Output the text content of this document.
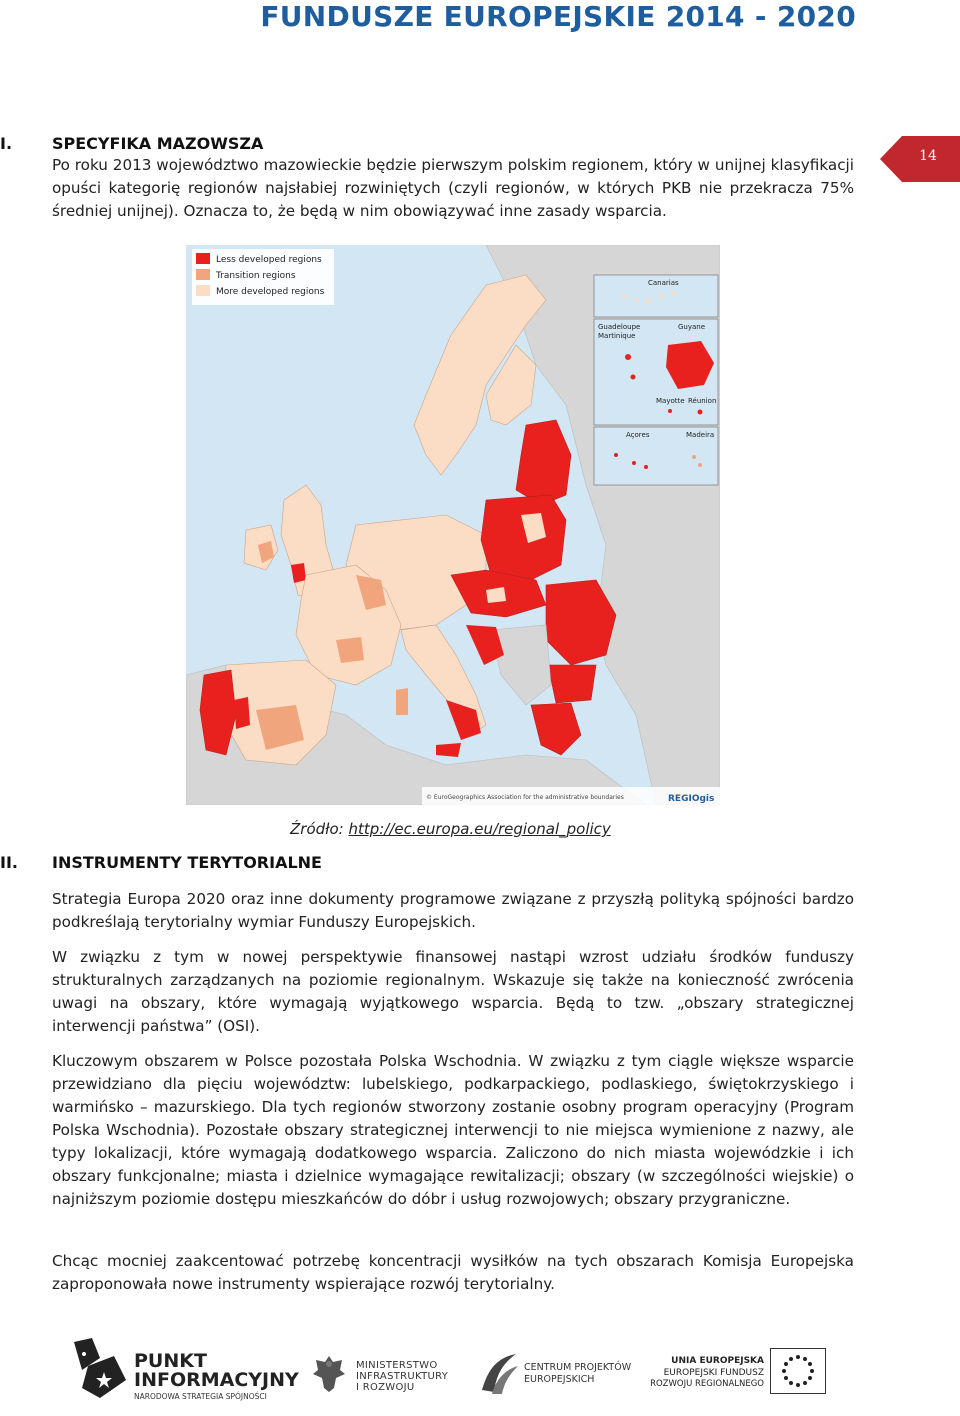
FUNDUSZE EUROPEJSKIE 2014 - 2020
14
I. SPECYFIKA MAZOWSZA
Po roku 2013 województwo mazowieckie będzie pierwszym polskim regionem, który w unijnej klasyfikacji opuści kategorię regionów najsłabiej rozwiniętych (czyli regionów, w których PKB nie przekracza 75% średniej unijnej). Oznacza to, że będą w nim obowiązywać inne zasady wsparcia.
Less developed regions
Transition regions
More developed regions
Canarias
Guadeloupe
Martinique
Guyane
Mayotte Réunion
Açores	Madeira
© EuroGeographics Association for the administrative boundaries	REGIOgis
Źródło: http://ec.europa.eu/regional_policy
II. INSTRUMENTY TERYTORIALNE
Strategia Europa 2020 oraz inne dokumenty programowe związane z przyszłą polityką spójności bardzo podkreślają terytorialny wymiar Funduszy Europejskich.
W związku z tym w nowej perspektywie finansowej nastąpi wzrost udziału środków funduszy strukturalnych zarządzanych na poziomie regionalnym. Wskazuje się także na konieczność zwrócenia uwagi na obszary, które wymagają wyjątkowego wsparcia. Będą to tzw. „obszary strategicznej interwencji państwa” (OSI).
Kluczowym obszarem w Polsce pozostała Polska Wschodnia. W związku z tym ciągle większe wsparcie przewidziano dla pięciu województw: lubelskiego, podkarpackiego, podlaskiego, świętokrzyskiego i warmińsko – mazurskiego. Dla tych regionów stworzony zostanie osobny program operacyjny (Program Polska Wschodnia). Pozostałe obszary strategicznej interwencji to nie miejsca wymienione z nazwy, ale typy lokalizacji, które wymagają dodatkowego wsparcia. Zaliczono do nich miasta wojewódzkie i ich obszary funkcjonalne; miasta i dzielnice wymagające rewitalizacji; obszary (w szczególności wiejskie) o najniższym poziomie dostępu mieszkańców do dóbr i usług rozwojowych; obszary przygraniczne.
Chcąc mocniej zaakcentować potrzebę koncentracji wysiłków na tych obszarach Komisja Europejska zaproponowała nowe instrumenty wspierające rozwój terytorialny.
PUNKT
INFORMACYJNY
NARODOWA STRATEGIA SPÓJNOŚCI
MINISTERSTWO
INFRASTRUKTURY
I ROZWOJU
CENTRUM PROJEKTÓW
EUROPEJSKICH
UNIA EUROPEJSKA
EUROPEJSKI FUNDUSZ
ROZWOJU REGIONALNEGO
